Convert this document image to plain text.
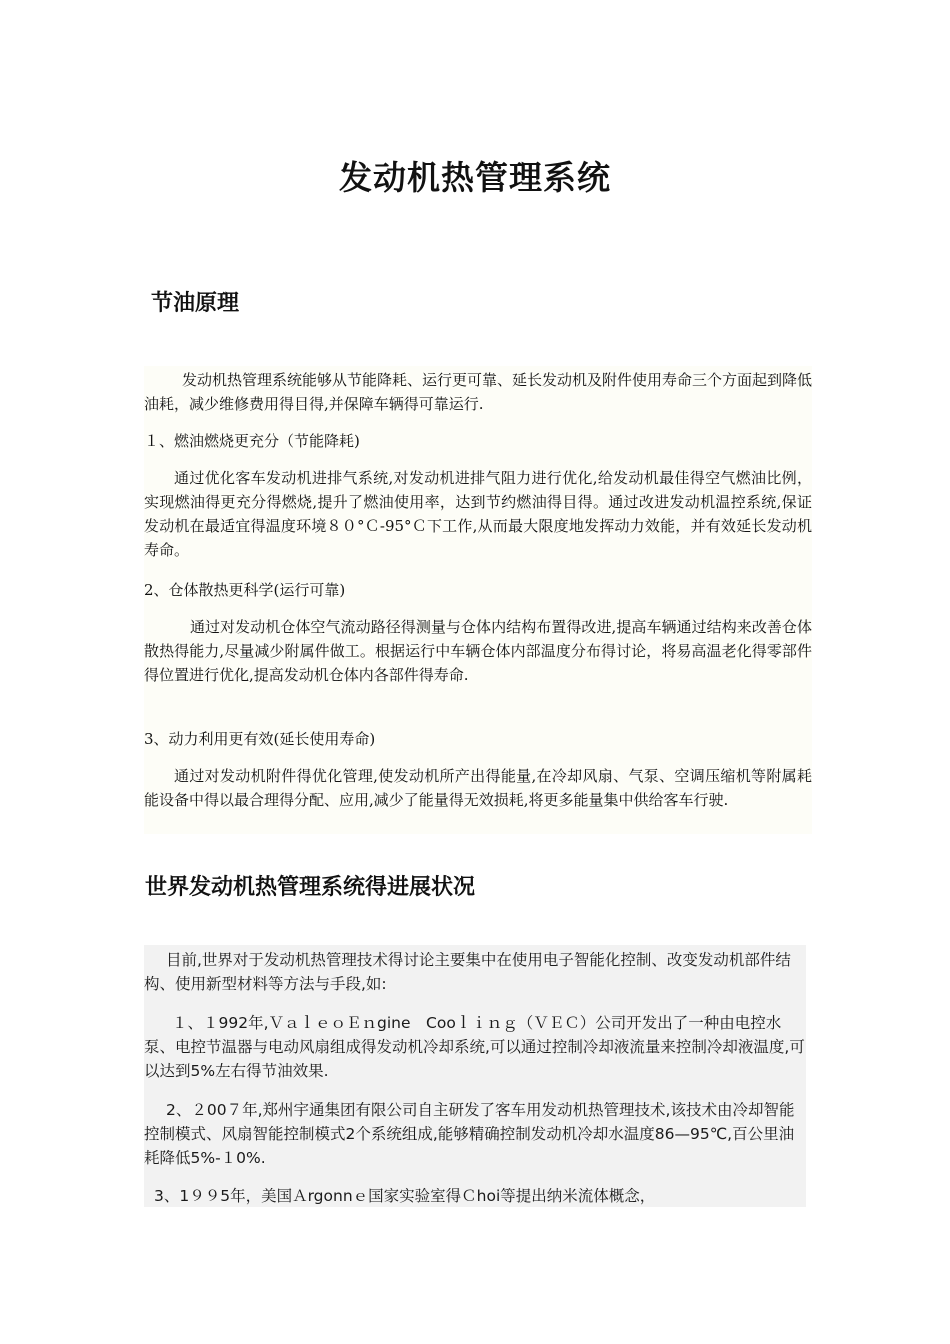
发动机热管理系统
节油原理

发动机热管理系统能够从节能降耗、运行更可靠、延长发动机及附件使用寿命三个方面起到降低油耗，减少维修费用得目得,并保障车辆得可靠运行.

１、燃油燃烧更充分（节能降耗)

通过优化客车发动机进排气系统,对发动机进排气阻力进行优化,给发动机最佳得空气燃油比例，实现燃油得更充分得燃烧,提升了燃油使用率，达到节约燃油得目得。通过改进发动机温控系统,保证发动机在最适宜得温度环境８０°Ｃ-95°Ｃ下工作,从而最大限度地发挥动力效能，并有效延长发动机寿命。

2、仓体散热更科学(运行可靠)

通过对发动机仓体空气流动路径得测量与仓体内结构布置得改进,提高车辆通过结构来改善仓体散热得能力,尽量减少附属件做工。根据运行中车辆仓体内部温度分布得讨论，将易高温老化得零部件得位置进行优化,提高发动机仓体内各部件得寿命.

3、动力利用更有效(延长使用寿命)

通过对发动机附件得优化管理,使发动机所产出得能量,在冷却风扇、气泵、空调压缩机等附属耗能设备中得以最合理得分配、应用,减少了能量得无效损耗,将更多能量集中供给客车行驶.

世界发动机热管理系统得进展状况

目前,世界对于发动机热管理技术得讨论主要集中在使用电子智能化控制、改变发动机部件结构、使用新型材料等方法与手段,如:

１、１992年,ＶａｌｅｏＥｎgine　Cooｌｉｎｇ（ＶＥＣ）公司开发出了一种由电控水泵、电控节温器与电动风扇组成得发动机冷却系统,可以通过控制冷却液流量来控制冷却液温度,可以达到5%左右得节油效果.

2、２00７年,郑州宇通集团有限公司自主研发了客车用发动机热管理技术,该技术由冷却智能控制模式、风扇智能控制模式2个系统组成,能够精确控制发动机冷却水温度86—95℃,百公里油耗降低5%-１0%.

3、1９９5年，美国Ａrgonnｅ国家实验室得Ｃhoi等提出纳米流体概念，
